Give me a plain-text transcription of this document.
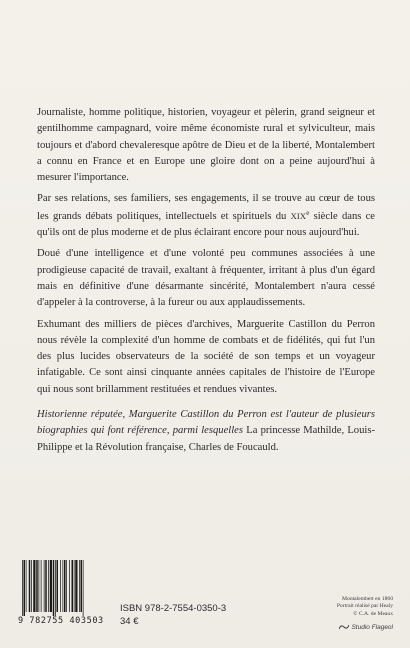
Journaliste, homme politique, historien, voyageur et pèlerin, grand seigneur et gentilhomme campagnard, voire même économiste rural et sylviculteur, mais toujours et d'abord chevaleresque apôtre de Dieu et de la liberté, Montalembert a connu en France et en Europe une gloire dont on a peine aujourd'hui à mesurer l'importance.

Par ses relations, ses familiers, ses engagements, il se trouve au cœur de tous les grands débats politiques, intellectuels et spirituels du XIXe siècle dans ce qu'ils ont de plus moderne et de plus éclairant encore pour nous aujourd'hui.

Doué d'une intelligence et d'une volonté peu communes associées à une prodigieuse capacité de travail, exaltant à fréquenter, irritant à plus d'un égard mais en définitive d'une désarmante sincérité, Montalembert n'aura cessé d'appeler à la controverse, à la fureur ou aux applaudissements.

Exhumant des milliers de pièces d'archives, Marguerite Castillon du Perron nous révèle la complexité d'un homme de combats et de fidélités, qui fut l'un des plus lucides observateurs de la société de son temps et un voyageur infatigable. Ce sont ainsi cinquante années capitales de l'histoire de l'Europe qui nous sont brillamment restituées et rendues vivantes.

Historienne réputée, Marguerite Castillon du Perron est l'auteur de plusieurs biographies qui font référence, parmi lesquelles La princesse Mathilde, Louis-Philippe et la Révolution française, Charles de Foucauld.

9 782755 403503
ISBN 978-2-7554-0350-3
34 €
Montalembert en 1860
Portrait réalisé par Healy
© C.A. de Meaux
Studio Flageol
